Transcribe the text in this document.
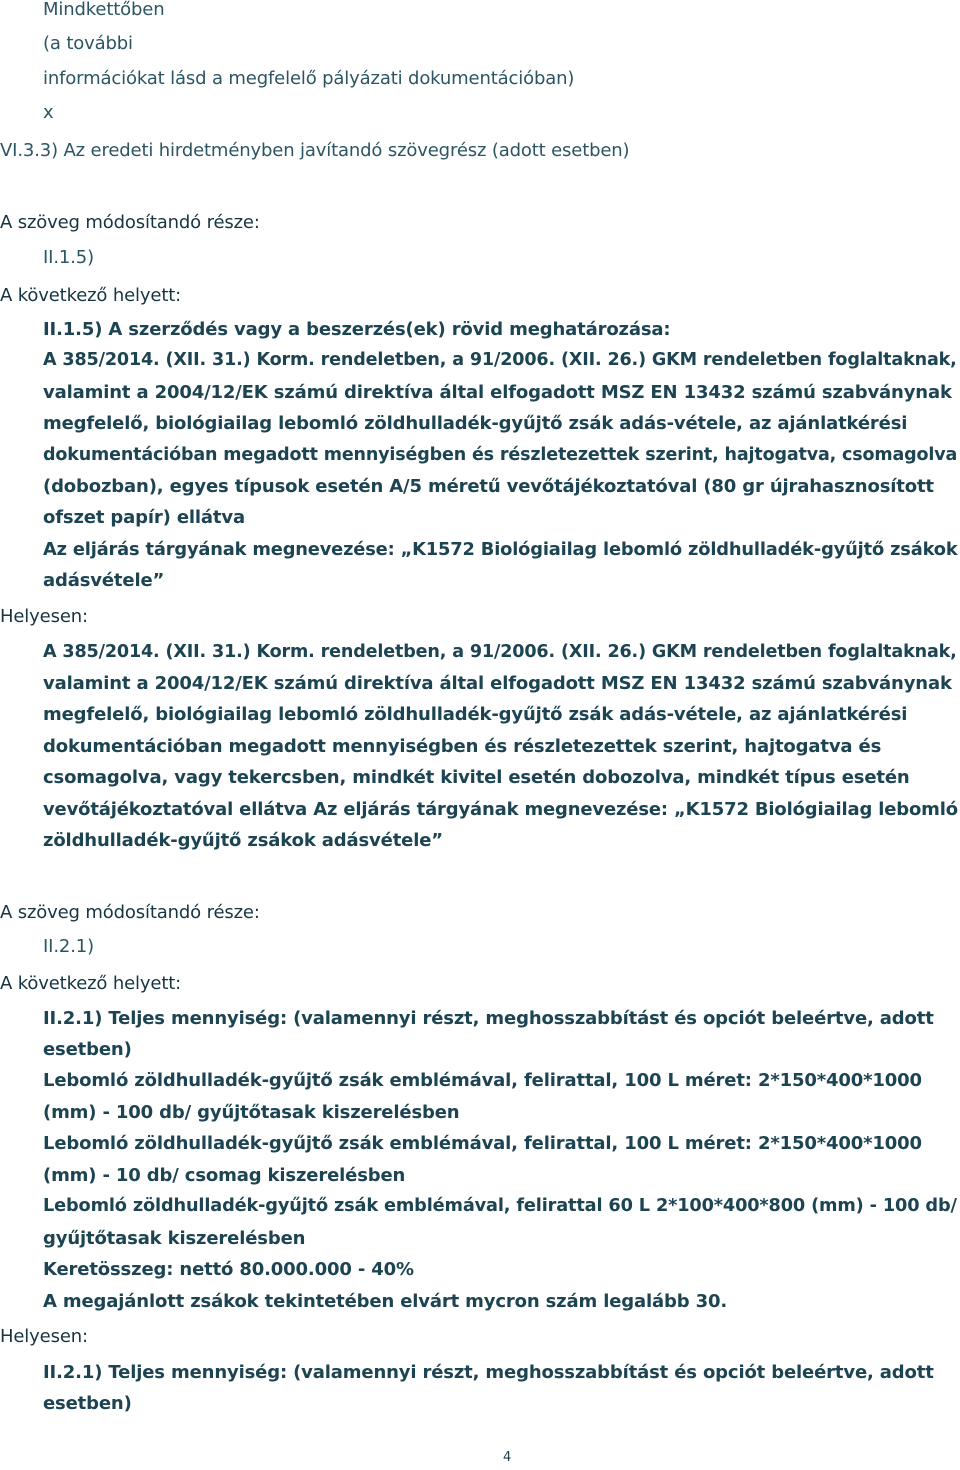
Mindkettőben
(a további
információkat lásd a megfelelő pályázati dokumentációban)
x
VI.3.3) Az eredeti hirdetményben javítandó szövegrész (adott esetben)
A szöveg módosítandó része:
II.1.5)
A következő helyett:
II.1.5) A szerződés vagy a beszerzés(ek) rövid meghatározása:
A 385/2014. (XII. 31.) Korm. rendeletben, a 91/2006. (XII. 26.) GKM rendeletben foglaltaknak,
valamint a 2004/12/EK számú direktíva által elfogadott MSZ EN 13432 számú szabványnak
megfelelő, biológiailag lebomló zöldhulladék-gyűjtő zsák adás-vétele, az ajánlatkérési
dokumentációban megadott mennyiségben és részletezettek szerint, hajtogatva, csomagolva
(dobozban), egyes típusok esetén A/5 méretű vevőtájékoztatóval (80 gr újrahasznosított
ofszet papír) ellátva
Az eljárás tárgyának megnevezése: „K1572 Biológiailag lebomló zöldhulladék-gyűjtő zsákok
adásvétele”
Helyesen:
A 385/2014. (XII. 31.) Korm. rendeletben, a 91/2006. (XII. 26.) GKM rendeletben foglaltaknak,
valamint a 2004/12/EK számú direktíva által elfogadott MSZ EN 13432 számú szabványnak
megfelelő, biológiailag lebomló zöldhulladék-gyűjtő zsák adás-vétele, az ajánlatkérési
dokumentációban megadott mennyiségben és részletezettek szerint, hajtogatva és
csomagolva, vagy tekercsben, mindkét kivitel esetén dobozolva, mindkét típus esetén
vevőtájékoztatóval ellátva Az eljárás tárgyának megnevezése: „K1572 Biológiailag lebomló
zöldhulladék-gyűjtő zsákok adásvétele”
A szöveg módosítandó része:
II.2.1)
A következő helyett:
II.2.1) Teljes mennyiség: (valamennyi részt, meghosszabbítást és opciót beleértve, adott
esetben)
Lebomló zöldhulladék-gyűjtő zsák emblémával, felirattal, 100 L méret: 2*150*400*1000
(mm) - 100 db/ gyűjtőtasak kiszerelésben
Lebomló zöldhulladék-gyűjtő zsák emblémával, felirattal, 100 L méret: 2*150*400*1000
(mm) - 10 db/ csomag kiszerelésben
Lebomló zöldhulladék-gyűjtő zsák emblémával, felirattal 60 L 2*100*400*800 (mm) - 100 db/
gyűjtőtasak kiszerelésben
Keretösszeg: nettó 80.000.000 - 40%
A megajánlott zsákok tekintetében elvárt mycron szám legalább 30.
Helyesen:
II.2.1) Teljes mennyiség: (valamennyi részt, meghosszabbítást és opciót beleértve, adott
esetben)
4
